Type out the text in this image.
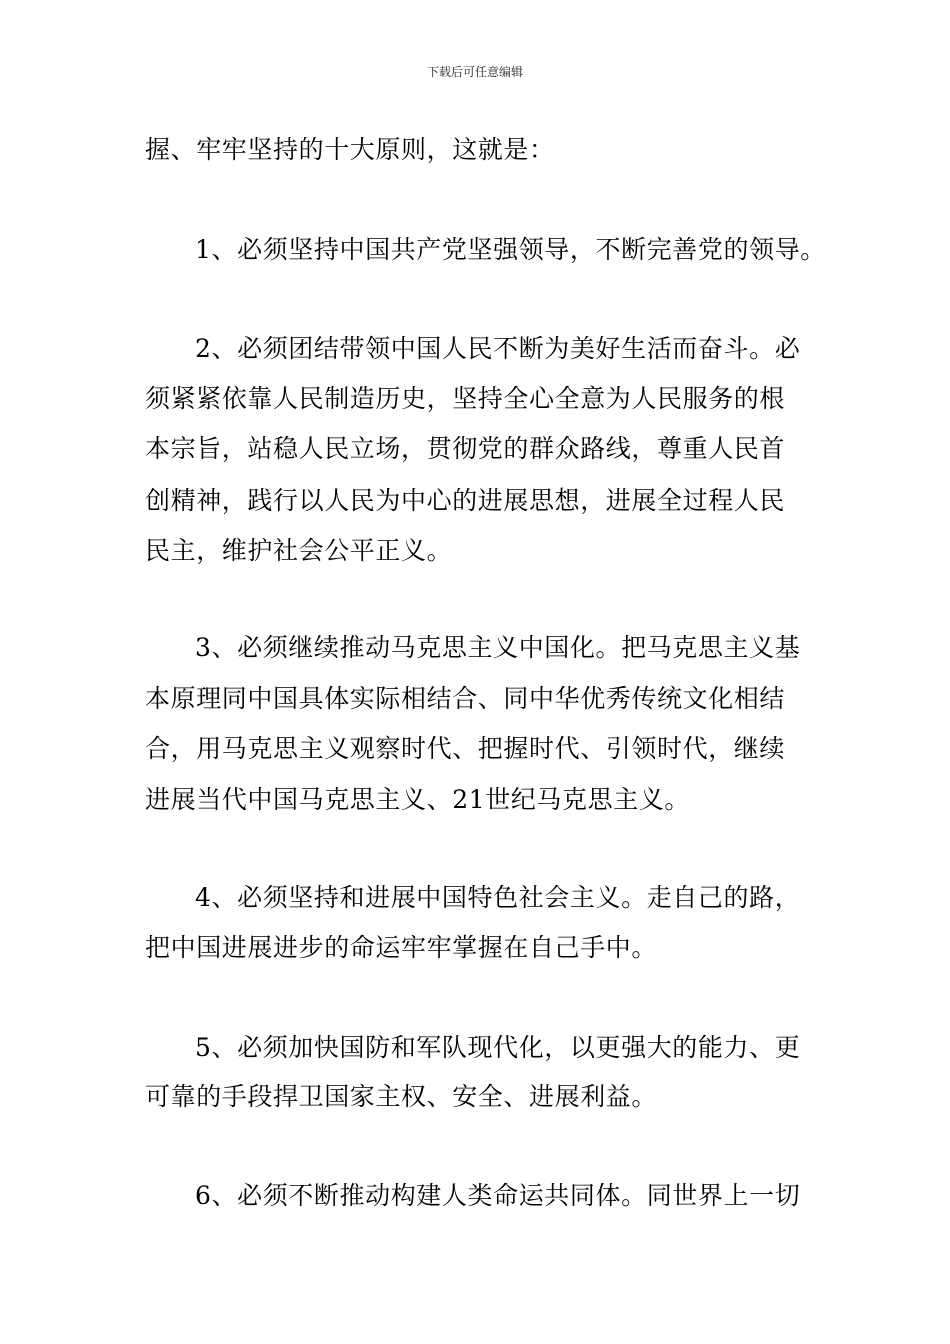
下载后可任意编辑
握、牢牢坚持的十大原则，这就是：
1、必须坚持中国共产党坚强领导，不断完善党的领导。
2、必须团结带领中国人民不断为美好生活而奋斗。必
须紧紧依靠人民制造历史，坚持全心全意为人民服务的根
本宗旨，站稳人民立场，贯彻党的群众路线，尊重人民首
创精神，践行以人民为中心的进展思想，进展全过程人民
民主，维护社会公平正义。
3、必须继续推动马克思主义中国化。把马克思主义基
本原理同中国具体实际相结合、同中华优秀传统文化相结
合，用马克思主义观察时代、把握时代、引领时代，继续
进展当代中国马克思主义、21世纪马克思主义。
4、必须坚持和进展中国特色社会主义。走自己的路，
把中国进展进步的命运牢牢掌握在自己手中。
5、必须加快国防和军队现代化，以更强大的能力、更
可靠的手段捍卫国家主权、安全、进展利益。
6、必须不断推动构建人类命运共同体。同世界上一切
